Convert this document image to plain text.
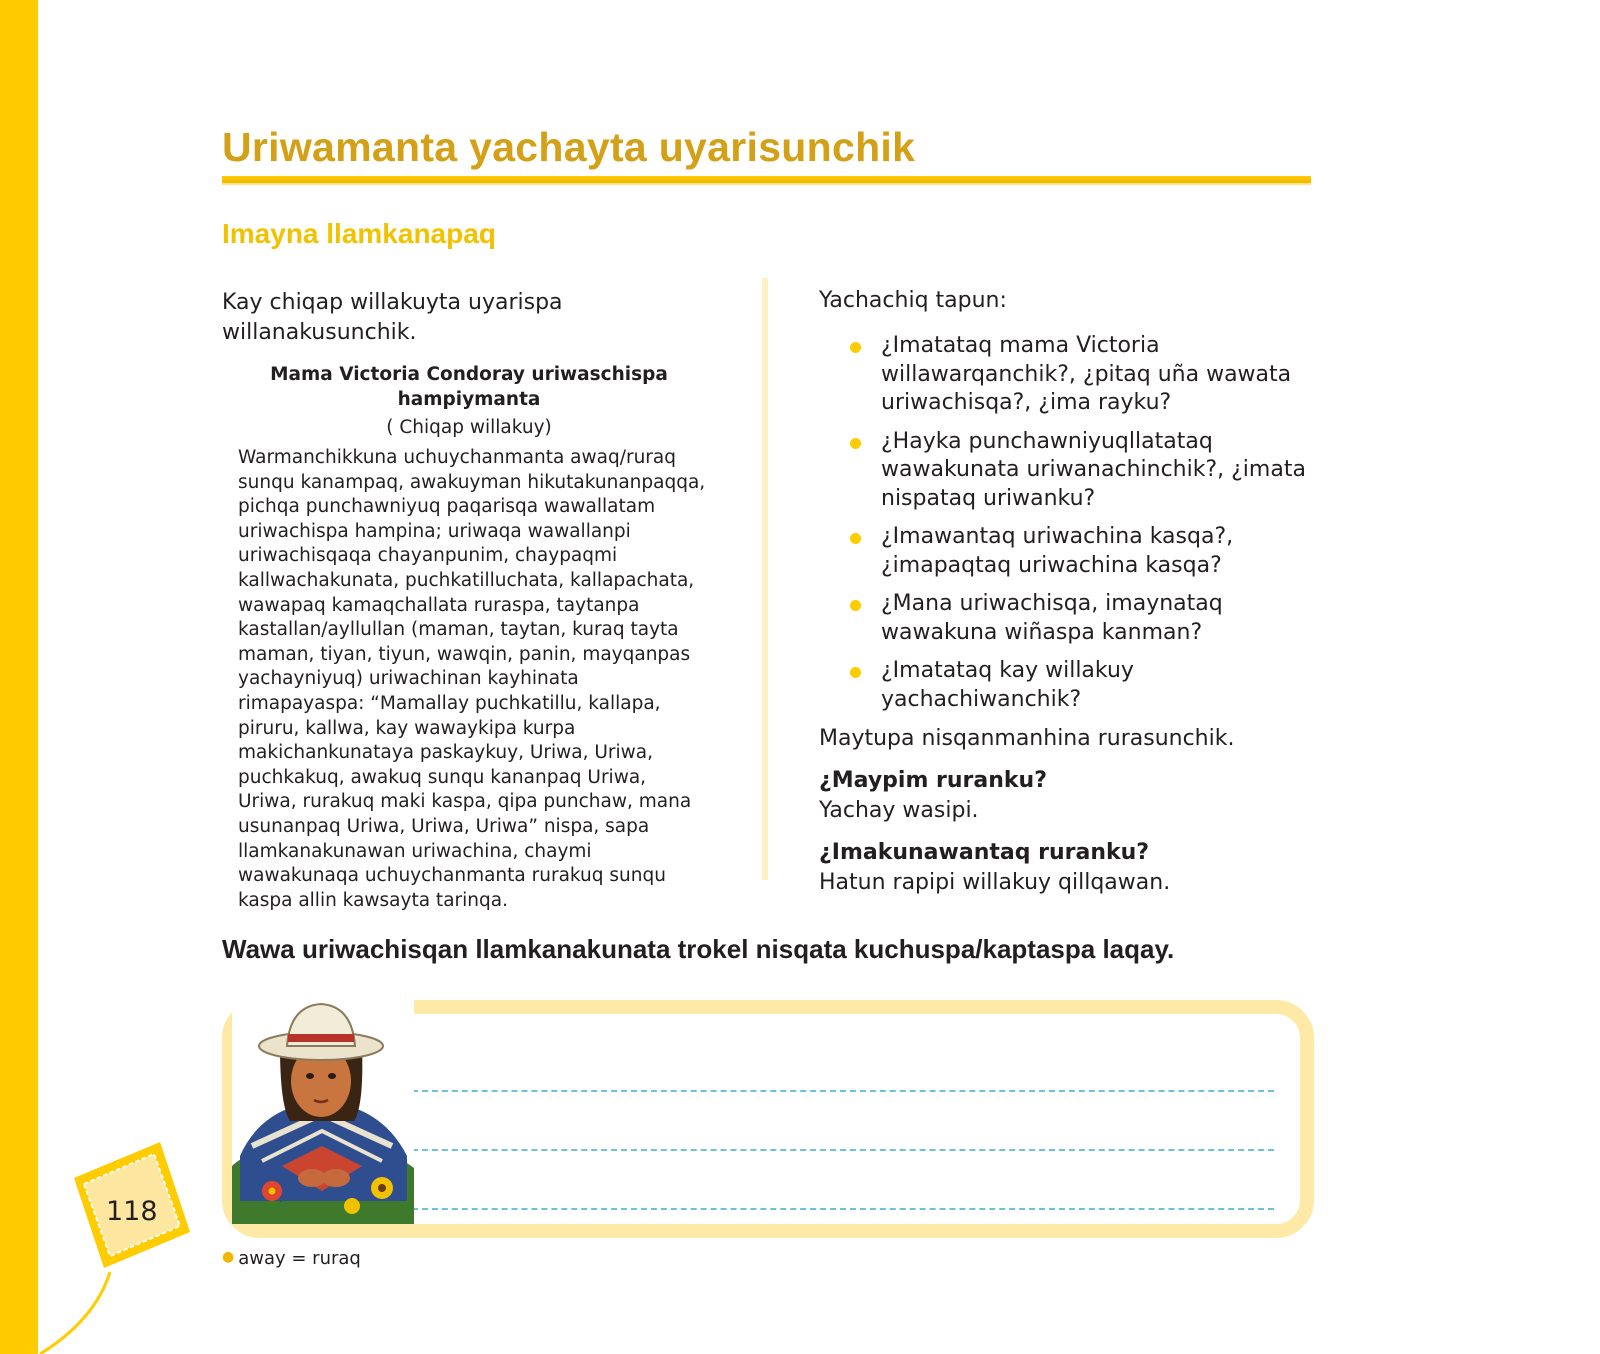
Uriwamanta yachayta uyarisunchik
Imayna llamkanapaq

Kay chiqap willakuyta uyarispa willanakusunchik.

Mama Victoria Condoray uriwaschispa hampiymanta

( Chiqap willakuy)

Warmanchikkuna uchuychanmanta awaq/ruraq sunqu kanampaq, awakuyman hikutakunanpaqqa, pichqa punchawniyuq paqarisqa wawallatam uriwachispa hampina; uriwaqa wawallanpi uriwachisqaqa chayanpunim, chaypaqmi kallwachakunata, puchkatilluchata, kallapachata, wawapaq kamaqchallata ruraspa, taytanpa kastallan/ayllullan (maman, taytan, kuraq tayta maman, tiyan, tiyun, wawqin, panin, mayqanpas yachayniyuq) uriwachinan kayhinata rimapayaspa: “Mamallay puchkatillu, kallapa, piruru, kallwa, kay wawaykipa kurpa makichankunataya paskaykuy, Uriwa, Uriwa, puchkakuq, awakuq sunqu kananpaq Uriwa, Uriwa, rurakuq maki kaspa, qipa punchaw, mana usunanpaq Uriwa, Uriwa, Uriwa” nispa, sapa llamkanakunawan uriwachina, chaymi wawakunaqa uchuychanmanta rurakuq sunqu kaspa allin kawsayta tarinqa.

Yachachiq tapun:

¿Imatataq mama Victoria willawarqanchik?, ¿pitaq uña wawata uriwachisqa?, ¿ima rayku?
¿Hayka punchawniyuqllatataq wawakunata uriwanachinchik?, ¿imata nispataq uriwanku?
¿Imawantaq uriwachina kasqa?, ¿imapaqtaq uriwachina kasqa?
¿Mana uriwachisqa, imaynataq wawakuna wiñaspa kanman?
¿Imatataq kay willakuy yachachiwanchik?

Maytupa nisqanmanhina rurasunchik.

¿Maypim ruranku?

Yachay wasipi.

¿Imakunawantaq ruranku?

Hatun rapipi willakuy qillqawan.

Wawa uriwachisqan llamkanakunata trokel nisqata kuchuspa/kaptaspa laqay.

118

● away = ruraq
